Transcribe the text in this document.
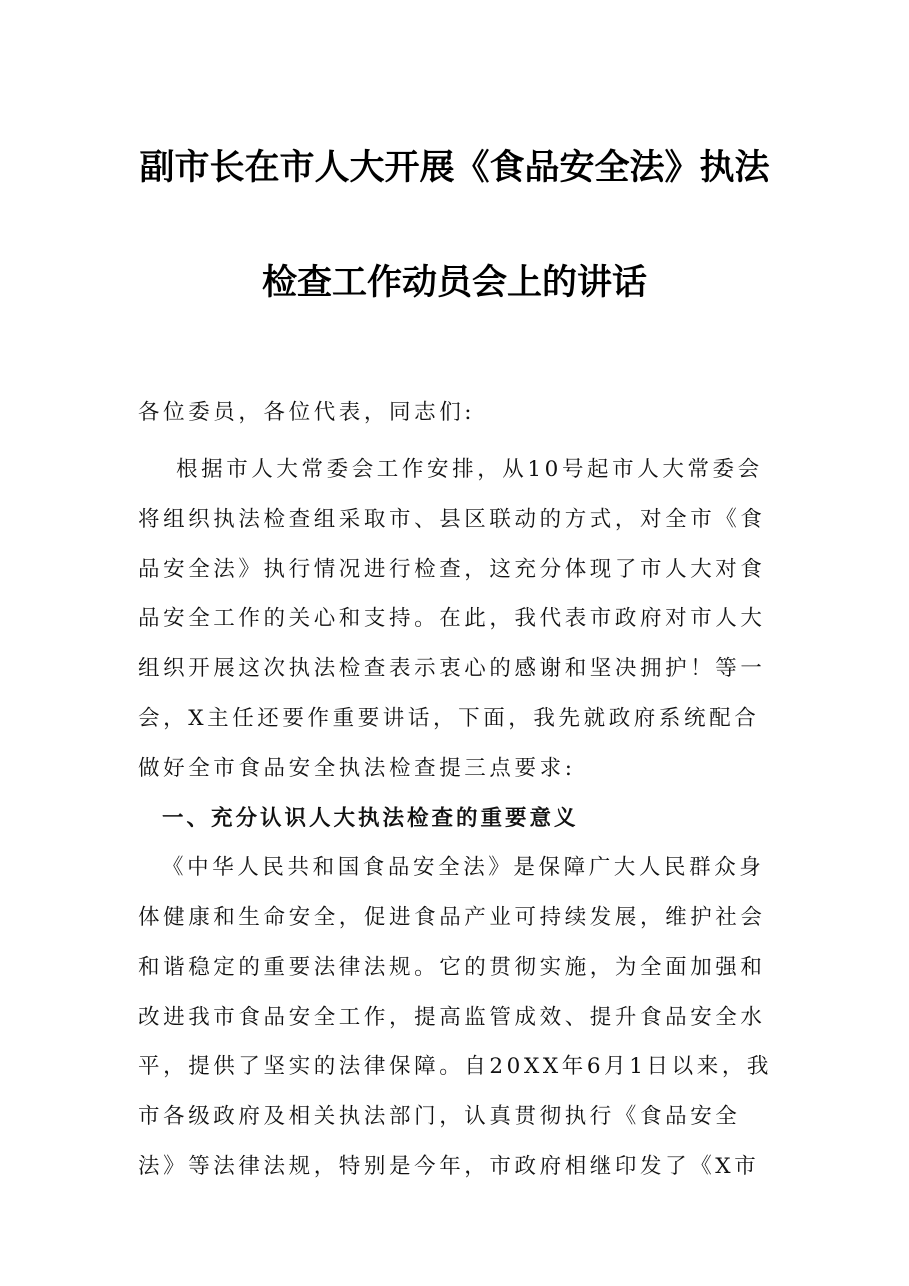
副市长在市人大开展《食品安全法》执法
检查工作动员会上的讲话
各位委员，各位代表，同志们:
根据市人大常委会工作安排，从10号起市人大常委会
将组织执法检查组采取市、县区联动的方式，对全市《食
品安全法》执行情况进行检查，这充分体现了市人大对食
品安全工作的关心和支持。在此，我代表市政府对市人大
组织开展这次执法检查表示衷心的感谢和坚决拥护！等一
会，X主任还要作重要讲话，下面，我先就政府系统配合
做好全市食品安全执法检查提三点要求:
一、充分认识人大执法检查的重要意义
《中华人民共和国食品安全法》是保障广大人民群众身
体健康和生命安全，促进食品产业可持续发展，维护社会
和谐稳定的重要法律法规。它的贯彻实施，为全面加强和
改进我市食品安全工作，提高监管成效、提升食品安全水
平，提供了坚实的法律保障。自20XX年6月1日以来，我
市各级政府及相关执法部门，认真贯彻执行《食品安全
法》等法律法规，特别是今年，市政府相继印发了《X市
